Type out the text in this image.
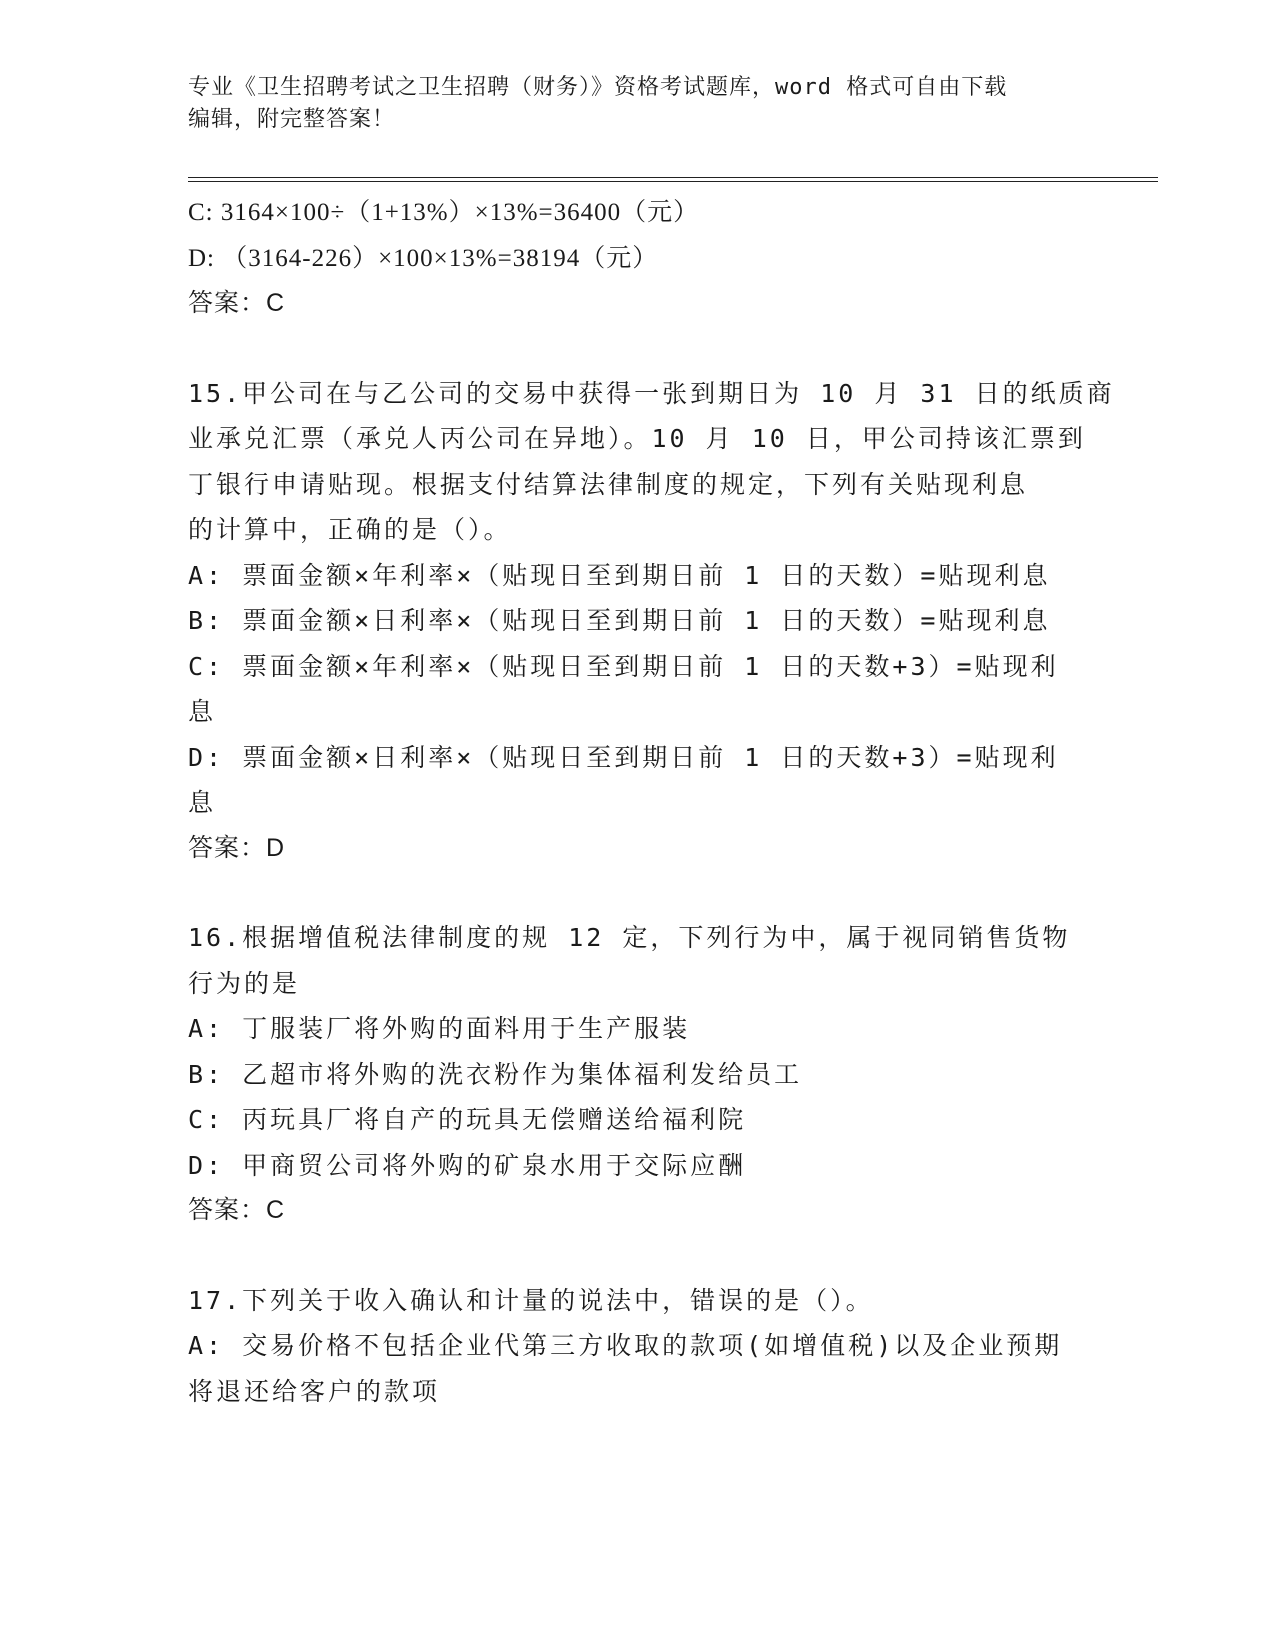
专业《卫生招聘考试之卫生招聘（财务）》资格考试题库，word 格式可自由下载
编辑，附完整答案！
C: 3164×100÷（1+13%）×13%=36400（元）
D: （3164-226）×100×13%=38194（元）
答案：C
15.甲公司在与乙公司的交易中获得一张到期日为 10 月 31 日的纸质商
业承兑汇票（承兑人丙公司在异地）。10 月 10 日，甲公司持该汇票到
丁银行申请贴现。根据支付结算法律制度的规定，下列有关贴现利息
的计算中，正确的是（）。
A: 票面金额×年利率×（贴现日至到期日前 1 日的天数）=贴现利息
B: 票面金额×日利率×（贴现日至到期日前 1 日的天数）=贴现利息
C: 票面金额×年利率×（贴现日至到期日前 1 日的天数+3）=贴现利
息
D: 票面金额×日利率×（贴现日至到期日前 1 日的天数+3）=贴现利
息
答案：D
16.根据增值税法律制度的规 12 定，下列行为中，属于视同销售货物
行为的是
A: 丁服装厂将外购的面料用于生产服装
B: 乙超市将外购的洗衣粉作为集体福利发给员工
C: 丙玩具厂将自产的玩具无偿赠送给福利院
D: 甲商贸公司将外购的矿泉水用于交际应酬
答案：C
17.下列关于收入确认和计量的说法中，错误的是（）。
A: 交易价格不包括企业代第三方收取的款项(如增值税)以及企业预期
将退还给客户的款项
